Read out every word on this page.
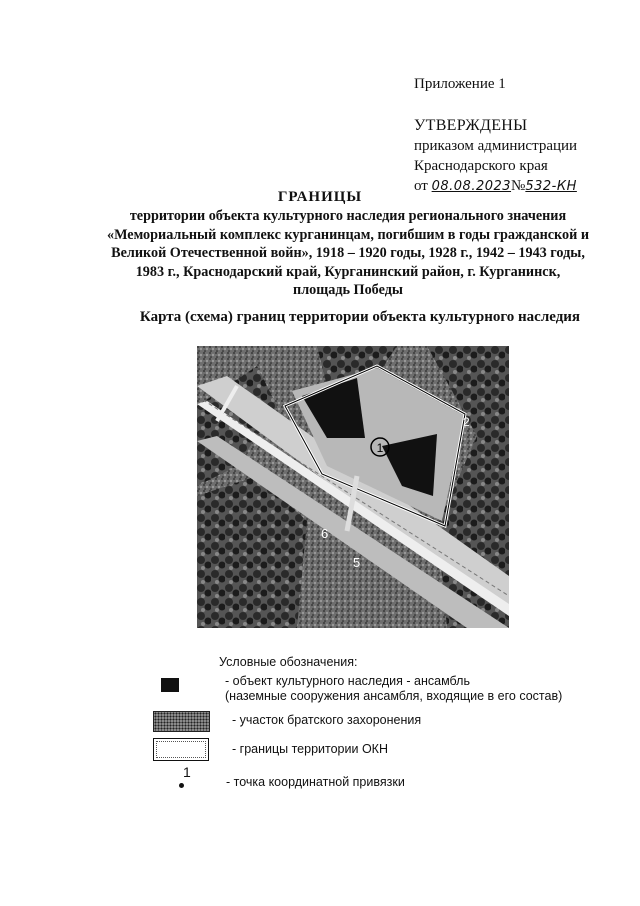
Приложение 1
УТВЕРЖДЕНЫ
приказом администрации
Краснодарского края
от 08.08.2023№532-КН
ГРАНИЦЫ
территории объекта культурного наследия регионального значения
«Мемориальный комплекс курганинцам, погибшим в годы гражданской и
Великой Отечественной войн», 1918 – 1920 годы, 1928 г., 1942 – 1943 годы,
1983 г., Краснодарский край, Курганинский район, г. Курганинск,
площадь Победы
Карта (схема) границ территории объекта культурного наследия
1
2
5
6
Условные обозначения:
- объект культурного наследия - ансамбль
(наземные сооружения ансамбля, входящие в его состав)
- участок братского захоронения
- границы территории ОКН
1
- точка координатной привязки
